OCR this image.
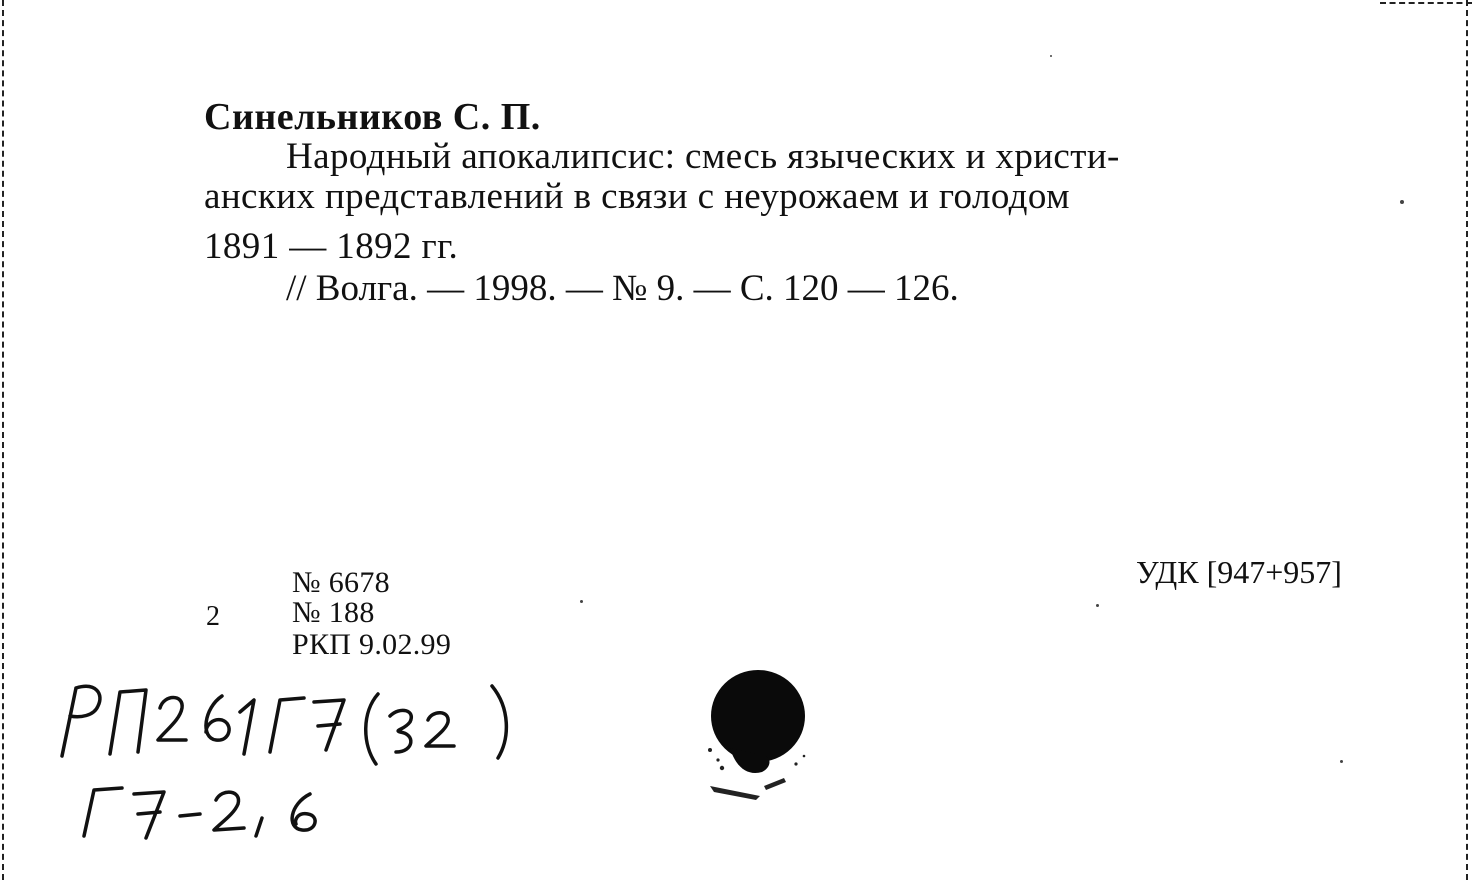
Синельников С. П.
Народный апокалипсис: смесь языческих и христи-
анских представлений в связи с неурожаем и голодом
1891 — 1892 гг.
// Волга. — 1998. — № 9. — С. 120 — 126.
2
№ 6678
№ 188
РКП 9.02.99
УДК [947+957]
